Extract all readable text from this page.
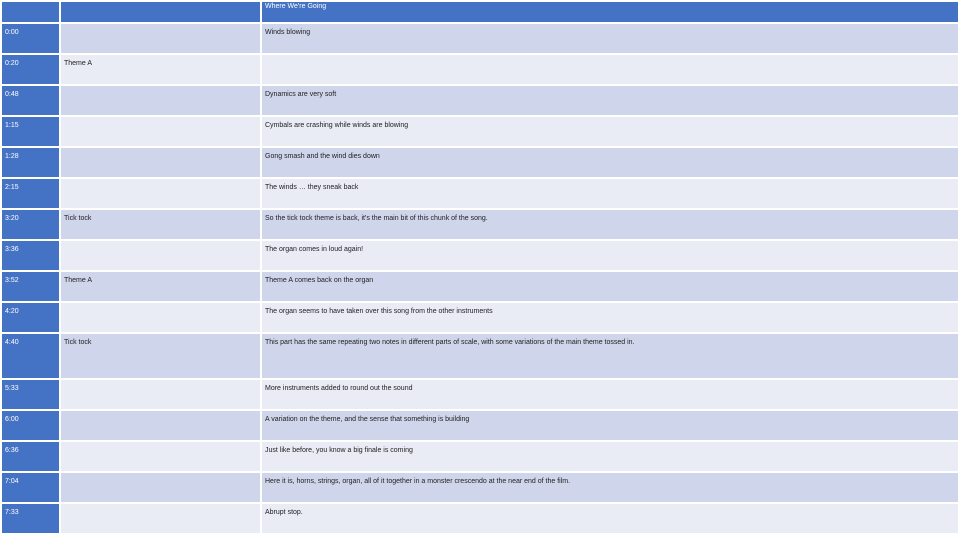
		Where We're Going
0:00		Winds blowing
0:20	Theme A	
0:48		Dynamics are very soft
1:15		Cymbals are crashing while winds are blowing
1:28		Gong smash and the wind dies down
2:15		The winds … they sneak back
3:20	Tick tock	So the tick tock theme is back, it's the main bit of this chunk of the song.
3:36		The organ comes in loud again!
3:52	Theme A	Theme A comes back on the organ
4:20		The organ seems to have taken over this song from the other instruments
4:40	Tick tock	This part has the same repeating two notes in different parts of scale, with some variations of the main theme tossed in.
5:33		More instruments added to round out the sound
6:00		A variation on the theme, and the sense that something is building
6:36		Just like before, you know a big finale is coming
7:04		Here it is, horns, strings, organ, all of it together in a monster crescendo at the near end of the film.
7:33		Abrupt stop.
